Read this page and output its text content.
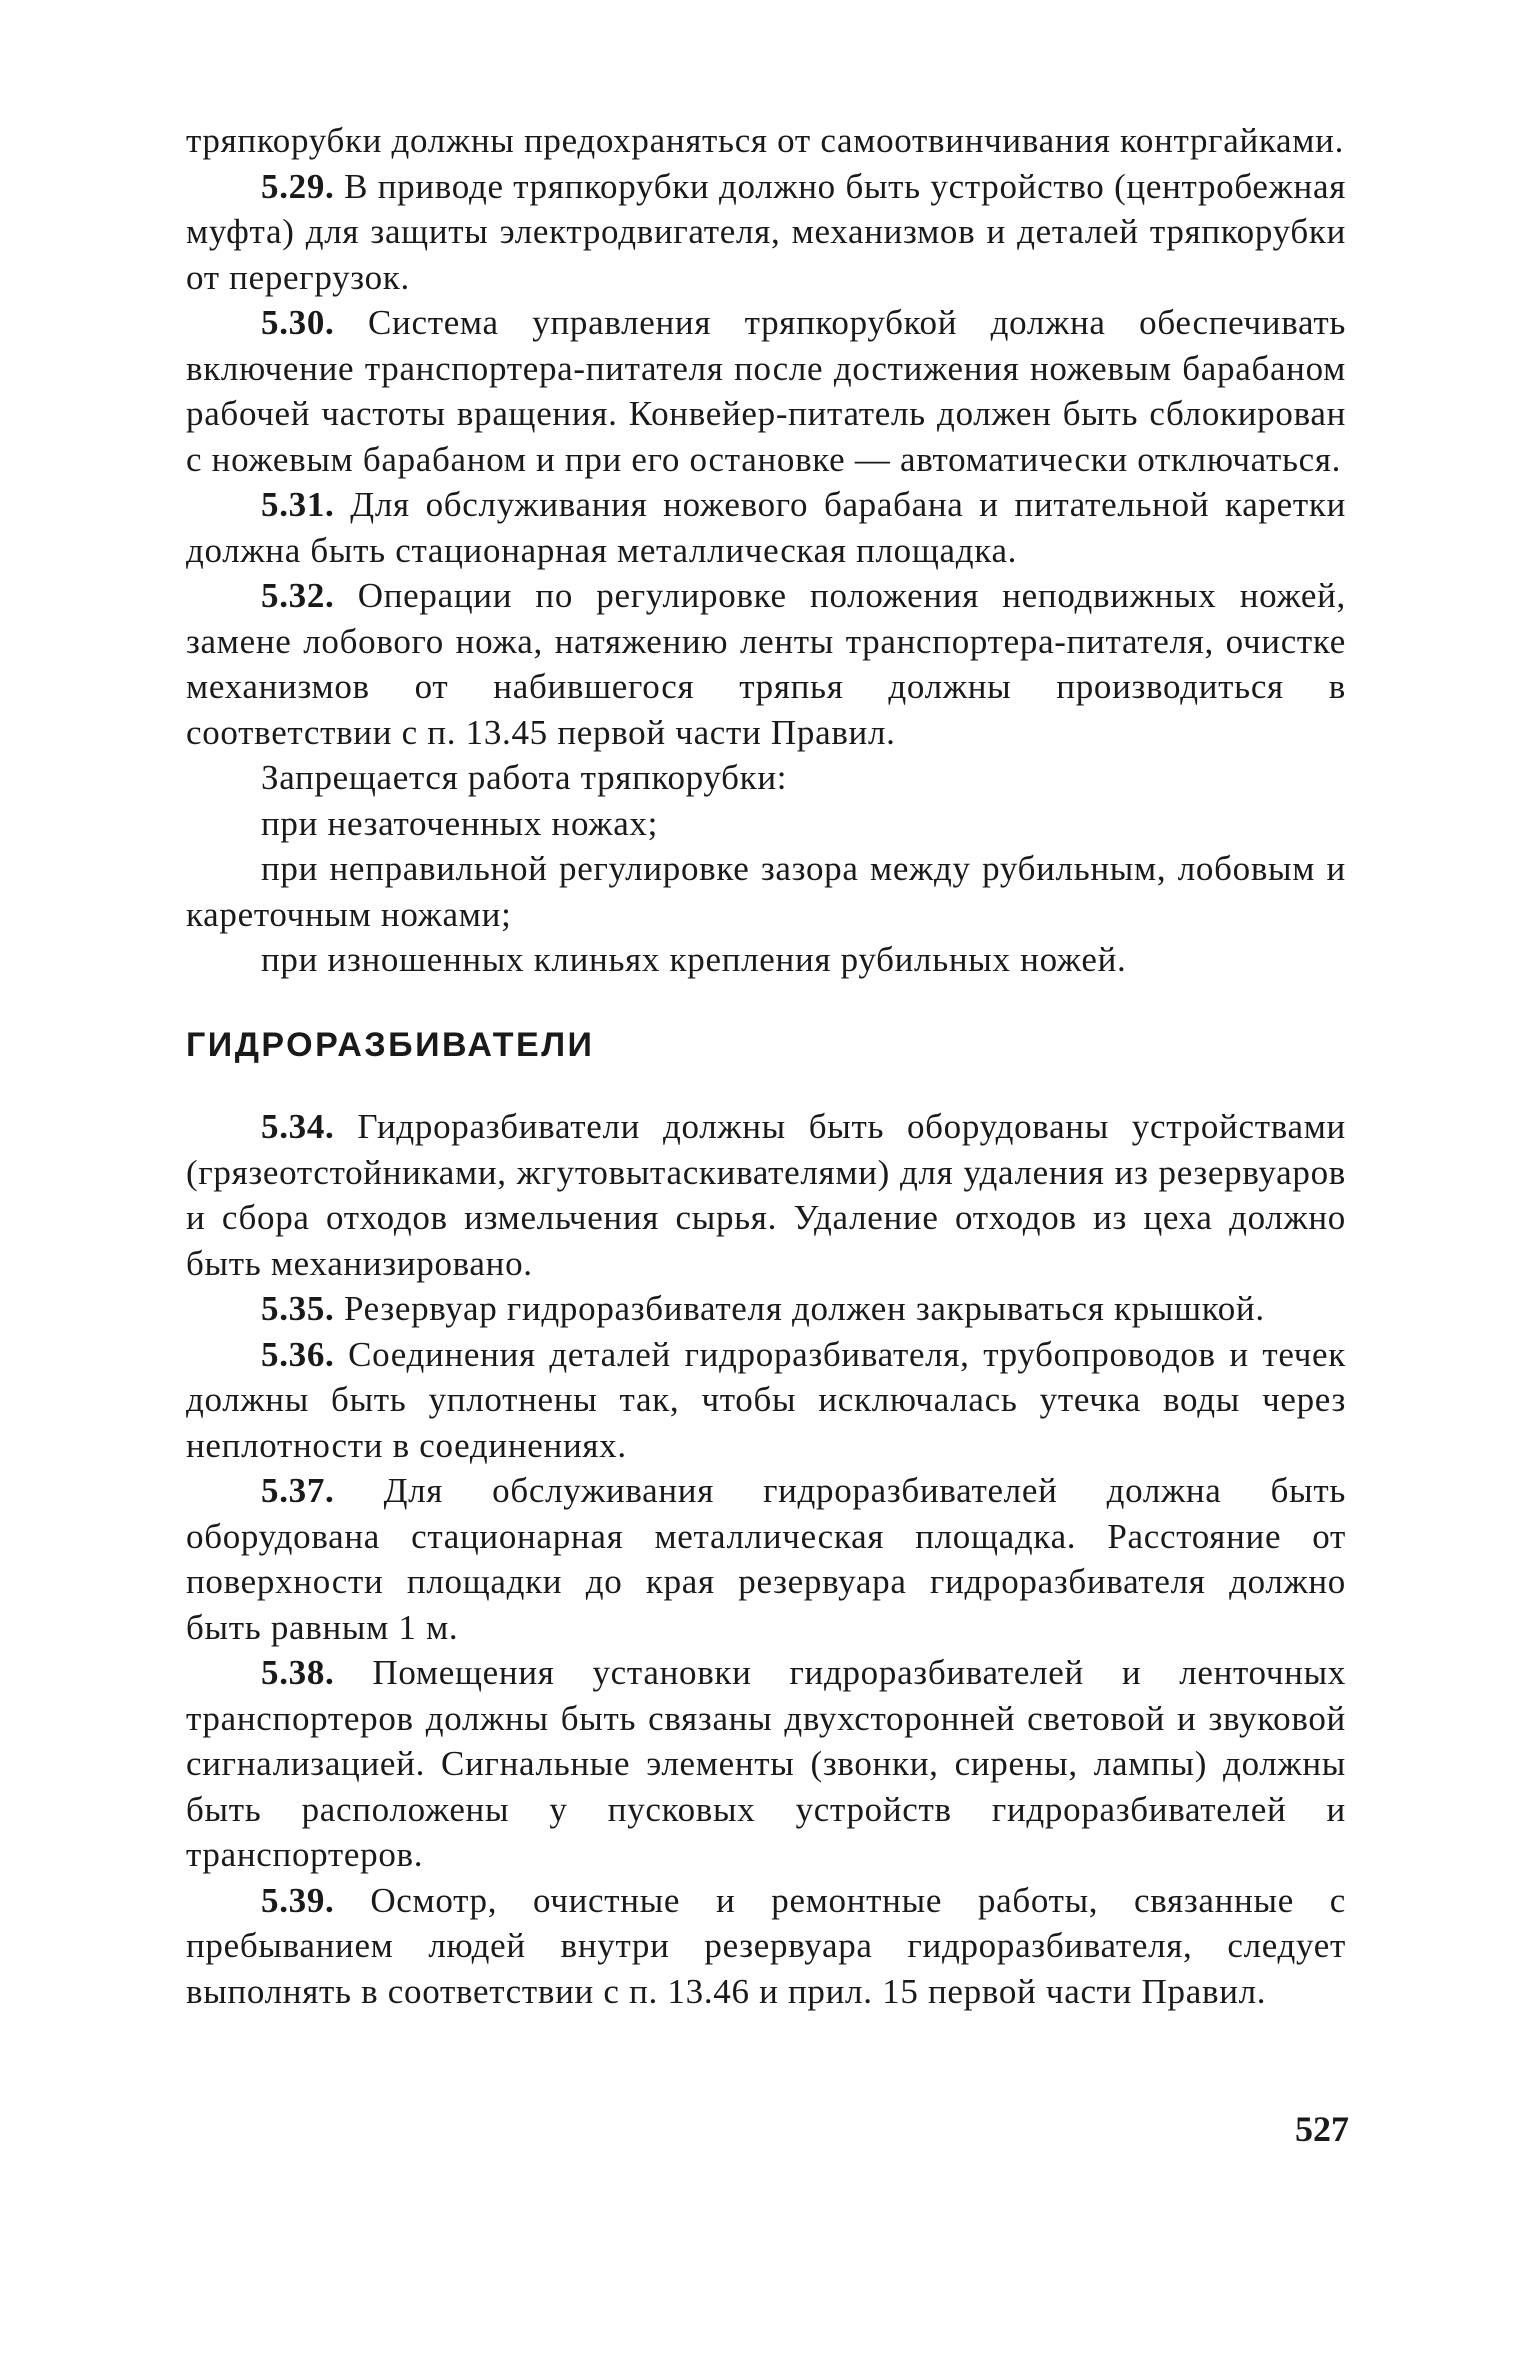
тряпкорубки должны предохраняться от самоотвинчивания контргайками.

5.29. В приводе тряпкорубки должно быть устройство (центробежная муфта) для защиты электродвигателя, механизмов и деталей тряпкорубки от перегрузок.

5.30. Система управления тряпкорубкой должна обеспечивать включение транспортера-питателя после достижения ножевым барабаном рабочей частоты вращения. Конвейер-питатель должен быть сблокирован с ножевым барабаном и при его остановке — автоматически отключаться.

5.31. Для обслуживания ножевого барабана и питательной каретки должна быть стационарная металлическая площадка.

5.32. Операции по регулировке положения неподвижных ножей, замене лобового ножа, натяжению ленты транспортера-питателя, очистке механизмов от набившегося тряпья должны производиться в соответствии с п. 13.45 первой части Правил.

Запрещается работа тряпкорубки:

при незаточенных ножах;

при неправильной регулировке зазора между рубильным, лобовым и кареточным ножами;

при изношенных клиньях крепления рубильных ножей.

ГИДРОРАЗБИВАТЕЛИ

5.34. Гидроразбиватели должны быть оборудованы устройствами (грязеотстойниками, жгутовытаскивателями) для удаления из резервуаров и сбора отходов измельчения сырья. Удаление отходов из цеха должно быть механизировано.

5.35. Резервуар гидроразбивателя должен закрываться крышкой.

5.36. Соединения деталей гидроразбивателя, трубопроводов и течек должны быть уплотнены так, чтобы исключалась утечка воды через неплотности в соединениях.

5.37. Для обслуживания гидроразбивателей должна быть оборудована стационарная металлическая площадка. Расстояние от поверхности площадки до края резервуара гидроразбивателя должно быть равным 1 м.

5.38. Помещения установки гидроразбивателей и ленточных транспортеров должны быть связаны двухсторонней световой и звуковой сигнализацией. Сигнальные элементы (звонки, сирены, лампы) должны быть расположены у пусковых устройств гидроразбивателей и транспортеров.

5.39. Осмотр, очистные и ремонтные работы, связанные с пребыванием людей внутри резервуара гидроразбивателя, следует выполнять в соответствии с п. 13.46 и прил. 15 первой части Правил.

527
